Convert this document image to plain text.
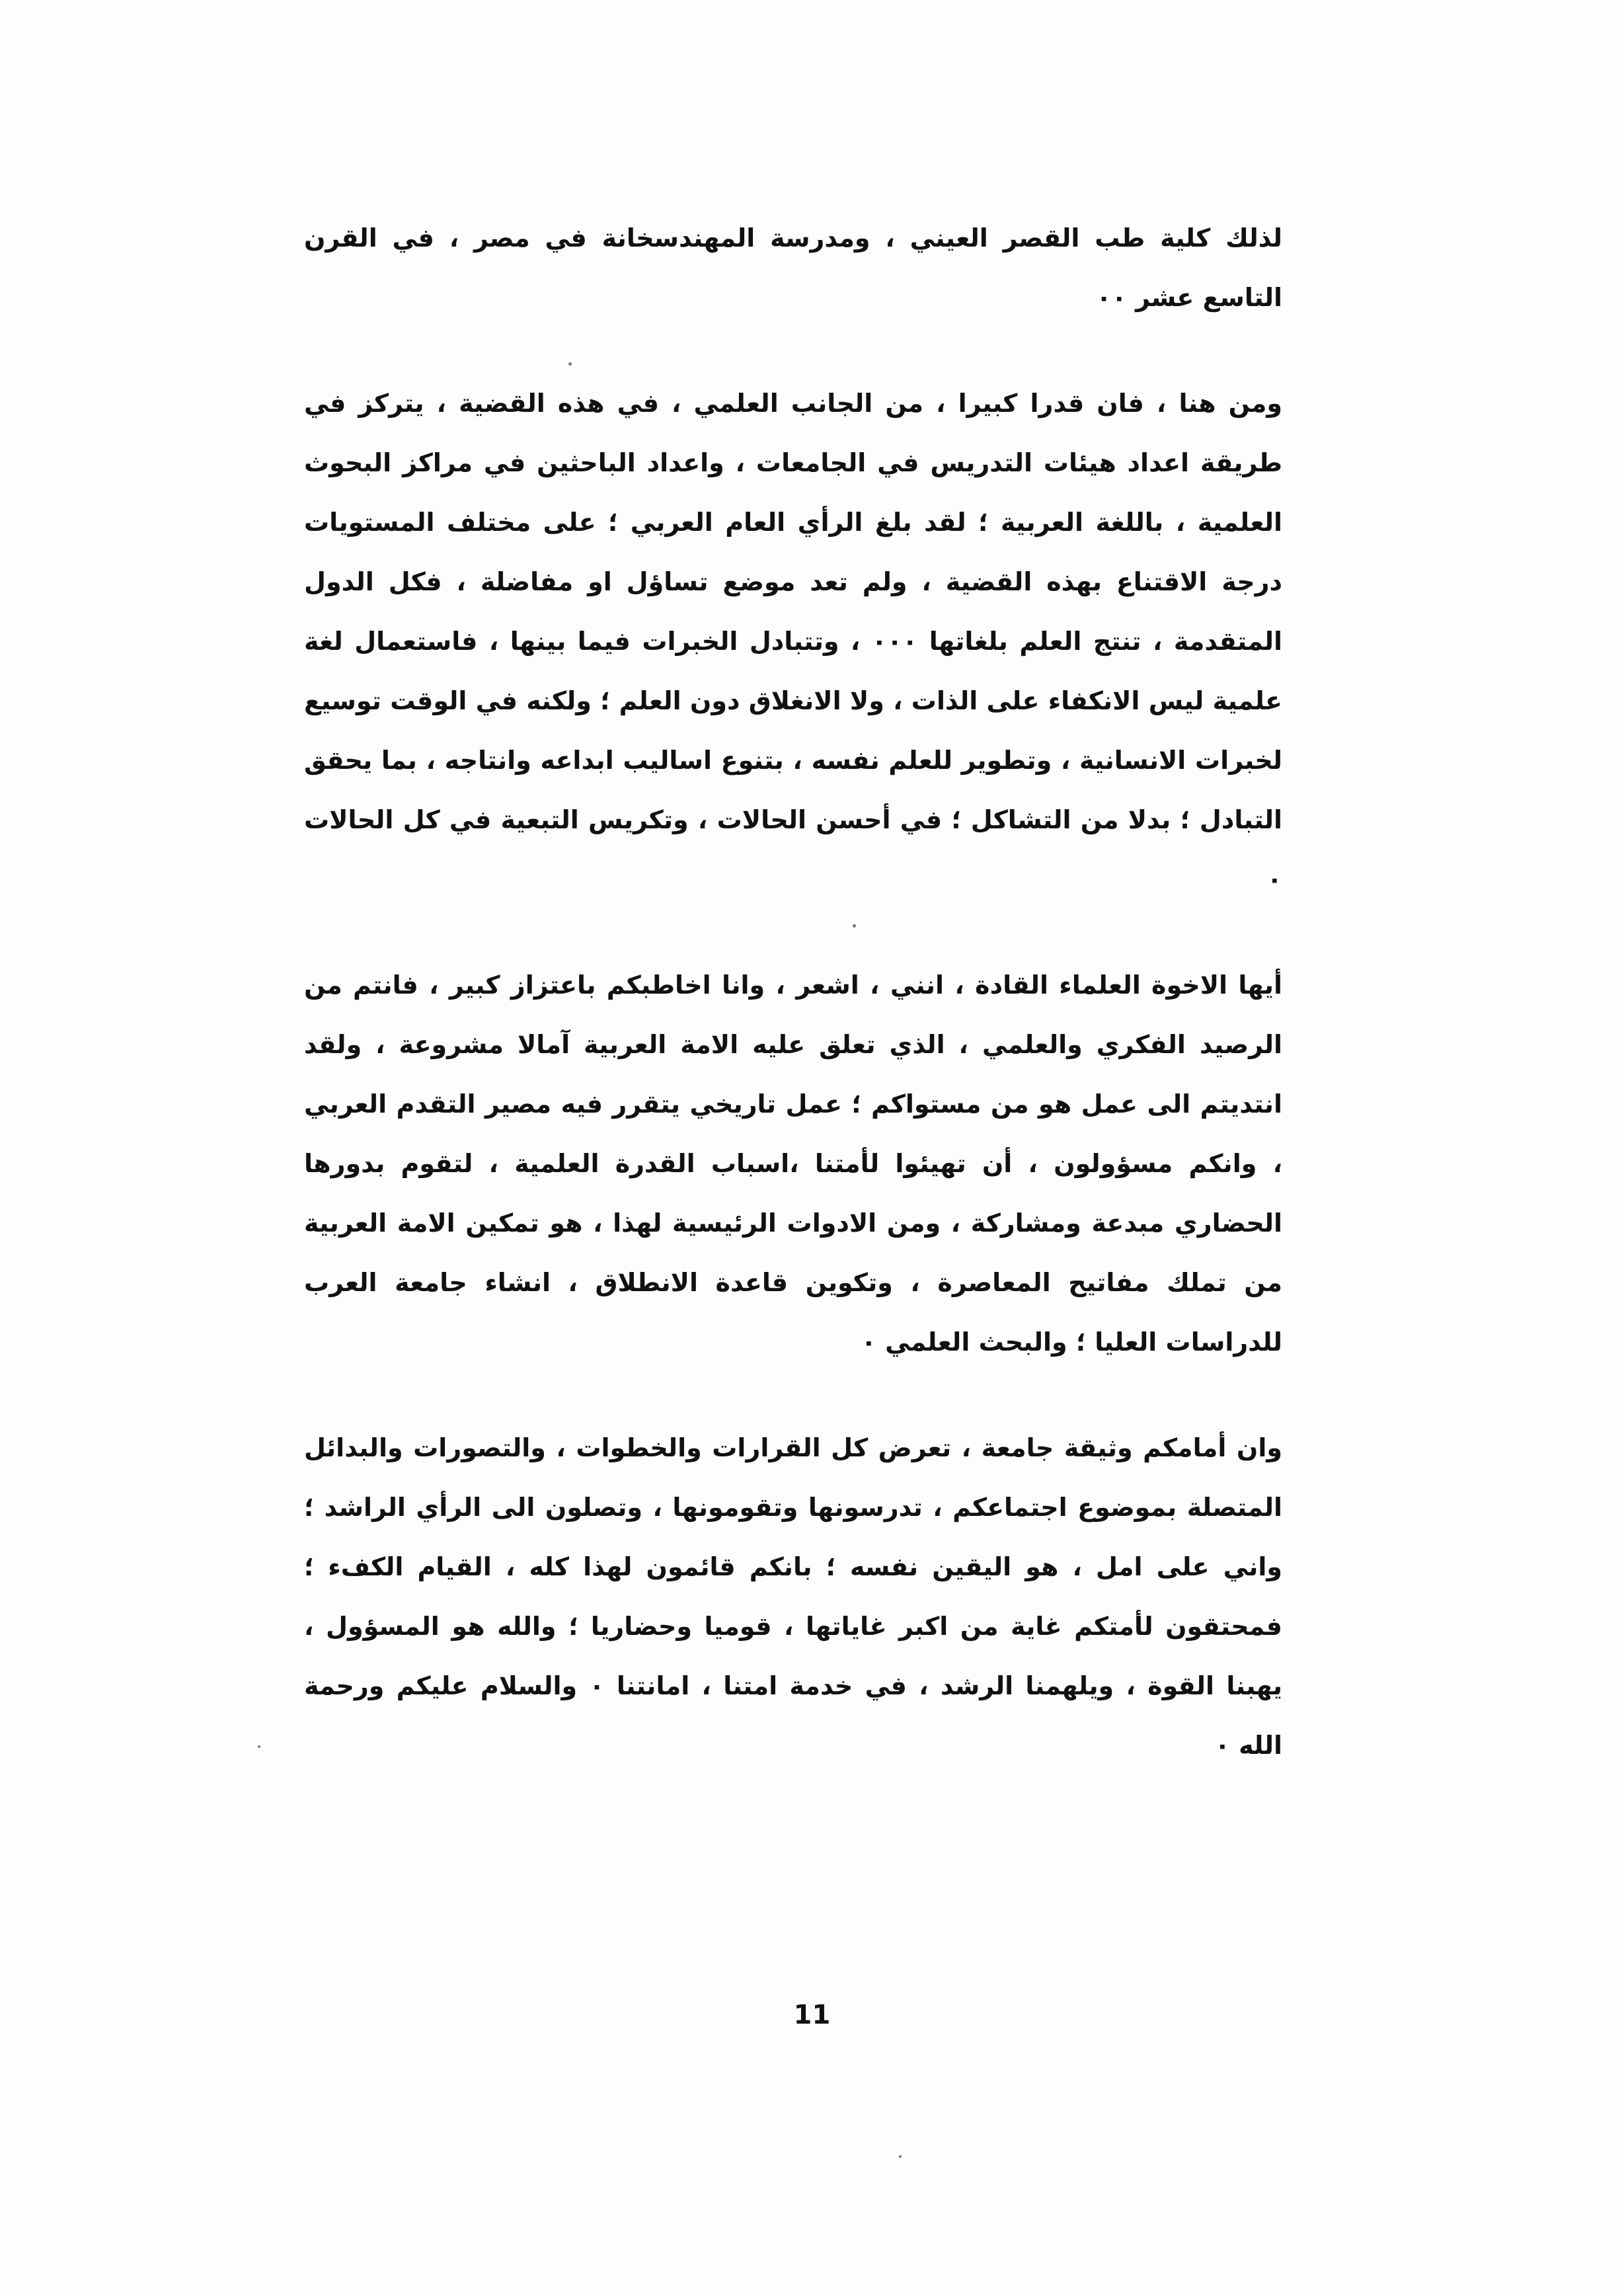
لذلك كلية طب القصر العيني ، ومدرسة المهندسخانة في مصر ، في القرن التاسع عشر ٠٠

ومن هنا ، فان قدرا كبيرا ، من الجانب العلمي ، في هذه القضية ، يتركز في طريقة اعداد هيئات التدريس في الجامعات ، واعداد الباحثين في مراكز البحوث العلمية ، باللغة العربية ؛ لقد بلغ الرأي العام العربي ؛ على مختلف المستويات درجة الاقتناع بهذه القضية ، ولم تعد موضع تساؤل او مفاضلة ، فكل الدول المتقدمة ، تنتج العلم بلغاتها ٠٠٠ ، وتتبادل الخبرات فيما بينها ، فاستعمال لغة علمية ليس الانكفاء على الذات ، ولا الانغلاق دون العلم ؛ ولكنه في الوقت توسيع لخبرات الانسانية ، وتطوير للعلم نفسه ، بتنوع اساليب ابداعه وانتاجه ، بما يحقق التبادل ؛ بدلا من التشاكل ؛ في أحسن الحالات ، وتكريس التبعية في كل الحالات ٠

أيها الاخوة العلماء القادة ، انني ، اشعر ، وانا اخاطبكم باعتزاز كبير ، فانتم من الرصيد الفكري والعلمي ، الذي تعلق عليه الامة العربية آمالا مشروعة ، ولقد انتديتم الى عمل هو من مستواكم ؛ عمل تاريخي يتقرر فيه مصير التقدم العربي ، وانكم مسؤولون ، أن تهيئوا لأمتنا ،اسباب القدرة العلمية ، لتقوم بدورها الحضاري مبدعة ومشاركة ، ومن الادوات الرئيسية لهذا ، هو تمكين الامة العربية من تملك مفاتيح المعاصرة ، وتكوين قاعدة الانطلاق ، انشاء جامعة العرب للدراسات العليا ؛ والبحث العلمي ٠

وان أمامكم وثيقة جامعة ، تعرض كل القرارات والخطوات ، والتصورات والبدائل المتصلة بموضوع اجتماعكم ، تدرسونها وتقومونها ، وتصلون الى الرأي الراشد ؛ واني على امل ، هو اليقين نفسه ؛ بانكم قائمون لهذا كله ، القيام الكفء ؛ فمحتقون لأمتكم غاية من اكبر غاياتها ، قوميا وحضاريا ؛ والله هو المسؤول ، يهبنا القوة ، ويلهمنا الرشد ، في خدمة امتنا ، امانتنا ٠ والسلام عليكم ورحمة الله ٠

11
